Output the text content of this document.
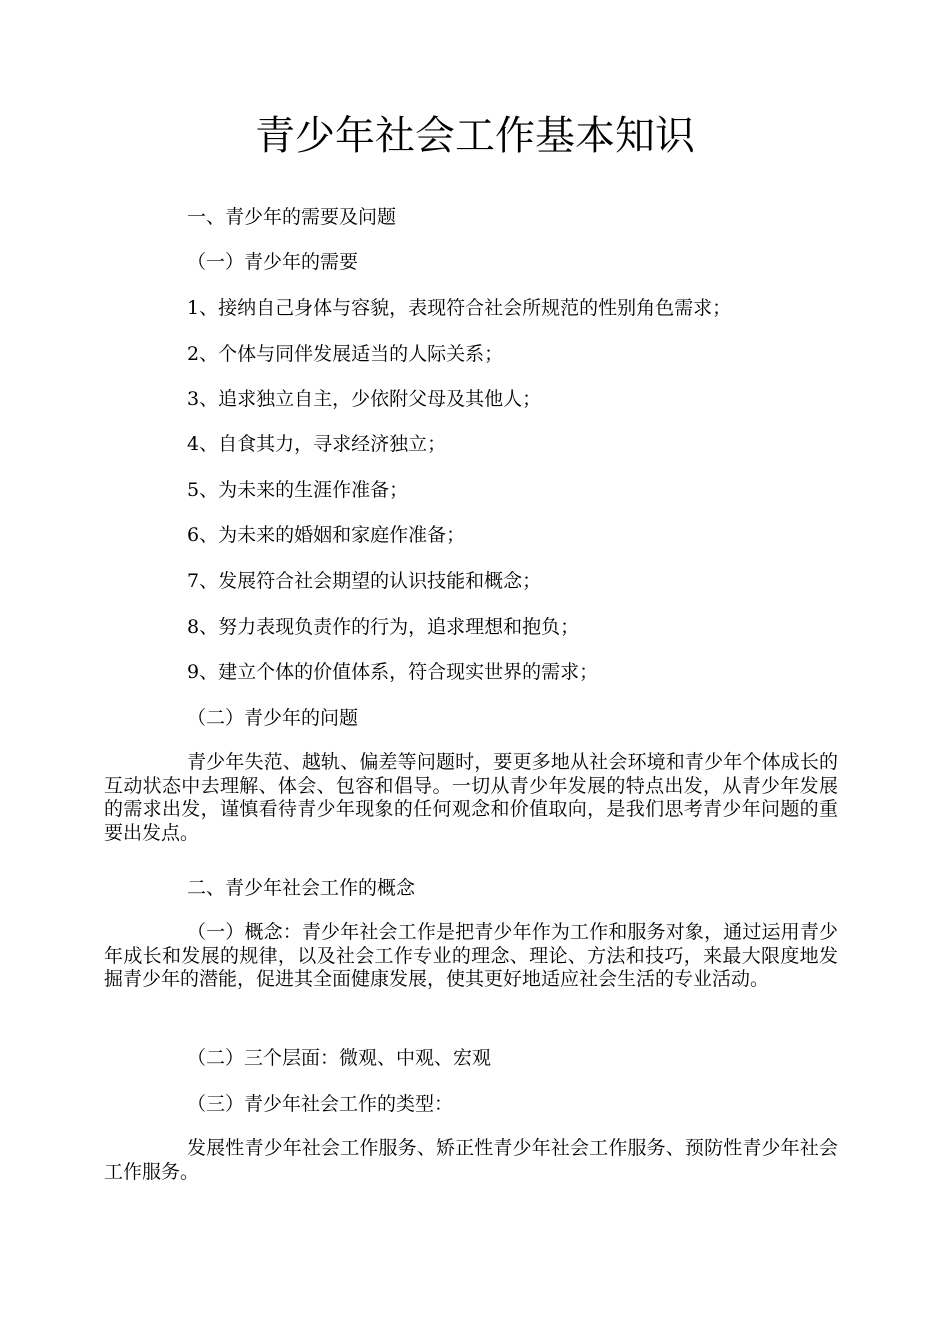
青少年社会工作基本知识

一、青少年的需要及问题

（一）青少年的需要

1、接纳自己身体与容貌，表现符合社会所规范的性别角色需求；

2、个体与同伴发展适当的人际关系；

3、追求独立自主，少依附父母及其他人；

4、自食其力，寻求经济独立；

5、为未来的生涯作准备；

6、为未来的婚姻和家庭作准备；

7、发展符合社会期望的认识技能和概念；

8、努力表现负责作的行为，追求理想和抱负；

9、建立个体的价值体系，符合现实世界的需求；

（二）青少年的问题

青少年失范、越轨、偏差等问题时，要更多地从社会环境和青少年个体成长的互动状态中去理解、体会、包容和倡导。一切从青少年发展的特点出发，从青少年发展的需求出发，谨慎看待青少年现象的任何观念和价值取向，是我们思考青少年问题的重要出发点。

二、青少年社会工作的概念

（一）概念：青少年社会工作是把青少年作为工作和服务对象，通过运用青少年成长和发展的规律，以及社会工作专业的理念、理论、方法和技巧，来最大限度地发掘青少年的潜能，促进其全面健康发展，使其更好地适应社会生活的专业活动。

（二）三个层面：微观、中观、宏观

（三）青少年社会工作的类型：

发展性青少年社会工作服务、矫正性青少年社会工作服务、预防性青少年社会工作服务。
